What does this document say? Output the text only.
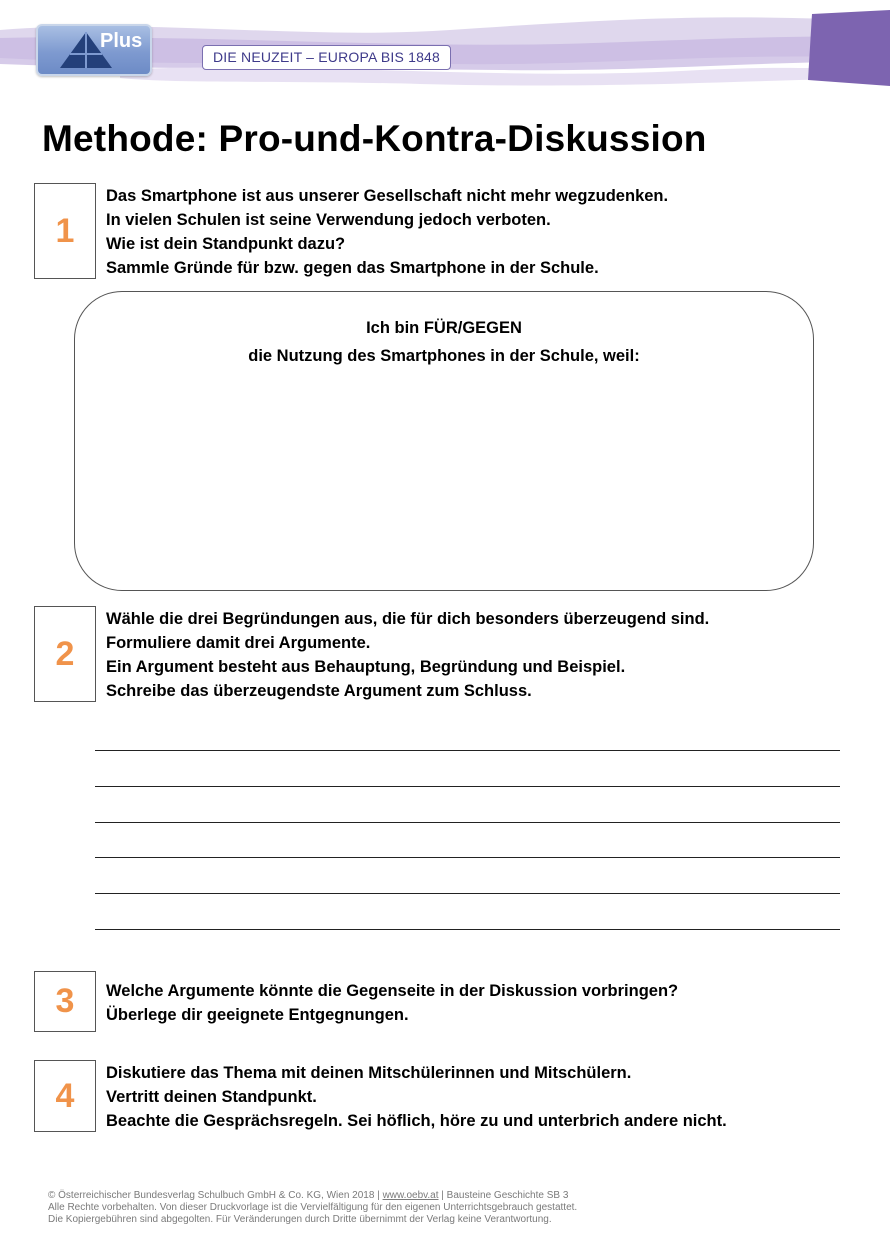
Plus
DIE NEUZEIT – EUROPA BIS 1848
Methode: Pro-und-Kontra-Diskussion
1
Das Smartphone ist aus unserer Gesellschaft nicht mehr wegzudenken.
In vielen Schulen ist seine Verwendung jedoch verboten.
Wie ist dein Standpunkt dazu?
Sammle Gründe für bzw. gegen das Smartphone in der Schule.
Ich bin FÜR/GEGEN
die Nutzung des Smartphones in der Schule, weil:
2
Wähle die drei Begründungen aus, die für dich besonders überzeugend sind.
Formuliere damit drei Argumente.
Ein Argument besteht aus Behauptung, Begründung und Beispiel.
Schreibe das überzeugendste Argument zum Schluss.
3	Welche Argumente könnte die Gegenseite in der Diskussion vorbringen?
Überlege dir geeignete Entgegnungen.
4
Diskutiere das Thema mit deinen Mitschülerinnen und Mitschülern.
Vertritt deinen Standpunkt.
Beachte die Gesprächsregeln. Sei höflich, höre zu und unterbrich andere nicht.
© Österreichischer Bundesverlag Schulbuch GmbH & Co. KG, Wien 2018 | www.oebv.at | Bausteine Geschichte SB 3
Alle Rechte vorbehalten. Von dieser Druckvorlage ist die Vervielfältigung für den eigenen Unterrichtsgebrauch gestattet.
Die Kopiergebühren sind abgegolten. Für Veränderungen durch Dritte übernimmt der Verlag keine Verantwortung.
